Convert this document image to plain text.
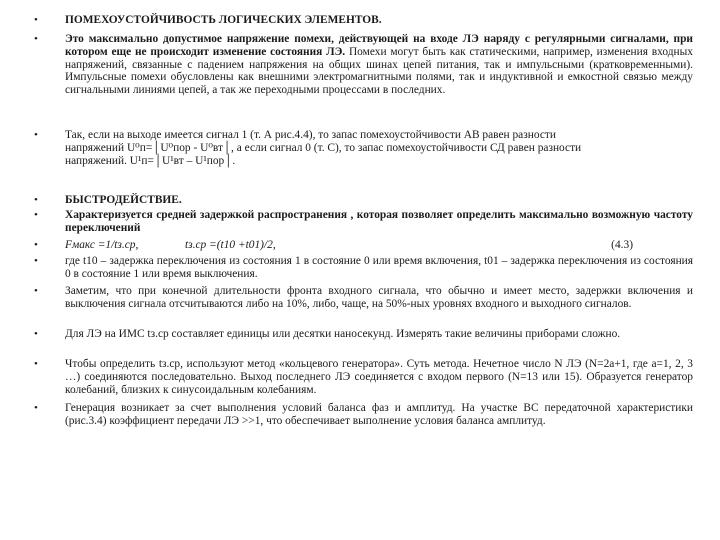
•	ПОМЕХОУСТОЙЧИВОСТЬ ЛОГИЧЕСКИХ ЭЛЕМЕНТОВ.
•	Это максимально допустимое напряжение помехи, действующей на входе ЛЭ наряду с регулярными сигналами, при котором еще не происходит изменение состояния ЛЭ. Помехи могут быть как статическими, например, изменения входных напряжений, связанные с падением напряжения на общих шинах цепей питания, так и импульсными (кратковременными). Импульсные помехи обусловлены как внешними электромагнитными полями, так и индуктивной и емкостной связью между сигнальными линиями цепей, а так же переходными процессами в последних.
•	Так, если на выходе имеется сигнал 1 (т. А рис.4.4), то запас помехоустойчивости АВ равен разности
напряжений U⁰п=│U⁰пор - U⁰вт│, а если сигнал 0 (т. С), то запас помехоустойчивости СД равен разности
напряжений. U¹п=│U¹вт – U¹пор│.
•	БЫСТРОДЕЙСТВИЕ.
•	Характеризуется средней задержкой распространения , которая позволяет определить максимально возможную частоту переключений
•	Fмакс =1/tз.ср,	tз.ср =(t10 +t01)/2,	(4.3)
•	где t10 – задержка переключения из состояния 1 в состояние 0 или время включения, t01 – задержка переключения из состояния 0 в состояние 1 или время выключения.
•	Заметим, что при конечной длительности фронта входного сигнала, что обычно и имеет место, задержки включения и выключения сигнала отсчитываются либо на 10%, либо, чаще, на 50%-ных уровнях входного и выходного сигналов.
•	Для ЛЭ на ИМС tз.ср составляет единицы или десятки наносекунд. Измерять такие величины приборами сложно.
•	Чтобы определить tз.ср, используют метод «кольцевого генератора». Суть метода. Нечетное число N ЛЭ (N=2a+1, где a=1, 2, 3 …) соединяются последовательно. Выход последнего ЛЭ соединяется с входом первого (N=13 или 15). Образуется генератор колебаний, близких к синусоидальным колебаниям.
•	Генерация возникает за счет выполнения условий баланса фаз и амплитуд. На участке ВС передаточной характеристики (рис.3.4) коэффициент передачи ЛЭ >>1, что обеспечивает выполнение условия баланса амплитуд.
